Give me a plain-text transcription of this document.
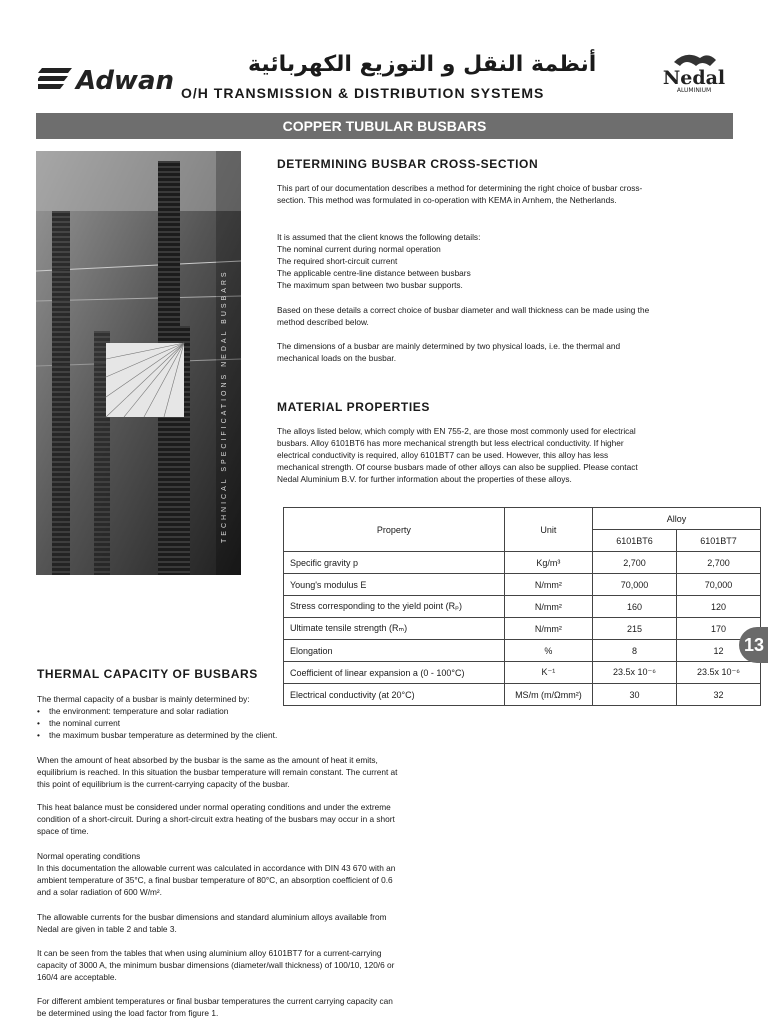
Adwan
أنظمة النقل و التوزيع الكهربائية
O/H TRANSMISSION & DISTRIBUTION SYSTEMS
Nedal
ALUMINIUM
COPPER TUBULAR BUSBARS
TECHNICAL SPECIFICATIONS NEDAL BUSBARS
DETERMINING BUSBAR CROSS-SECTION

This part of our documentation describes a method for determining the right choice of busbar cross-section. This method was formulated in co-operation with KEMA in Arnhem, the Netherlands.

It is assumed that the client knows the following details:
The nominal current during normal operation
The required short-circuit current
The applicable centre-line distance between busbars
The maximum span between two busbar supports.

Based on these details a correct choice of busbar diameter and wall thickness can be made using the method described below.

The dimensions of a busbar are mainly determined by two physical loads, i.e. the thermal and mechanical loads on the busbar.

MATERIAL PROPERTIES

The alloys listed below, which comply with EN 755-2, are those most commonly used for electrical busbars. Alloy 6101BT6 has more mechanical strength but less electrical conductivity. If higher electrical conductivity is required, alloy 6101BT7 can be used. However, this alloy has less mechanical strength. Of course busbars made of other alloys can also be supplied. Please contact Nedal Aluminium B.V. for further information about the properties of these alloys.

Property	Unit	Alloy	
		6101BT6	6101BT7
Specific gravity p	Kg/m³	2,700	2,700
Young's modulus E	N/mm²	70,000	70,000
Stress corresponding to the yield point (Rₚ)	N/mm²	160	120
Ultimate tensile strength (Rₘ)	N/mm²	215	170
Elongation	%	8	12
Coefficient of linear expansion a (0 - 100°C)	K⁻¹	23.5x 10⁻⁶	23.5x 10⁻⁶
Electrical conductivity (at 20°C)	MS/m (m/Ωmm²)	30	32
13
THERMAL CAPACITY OF BUSBARS
The thermal capacity of a busbar is mainly determined by:
• the environment: temperature and solar radiation
• the nominal current
• the maximum busbar temperature as determined by the client.

When the amount of heat absorbed by the busbar is the same as the amount of heat it emits, equilibrium is reached. In this situation the busbar temperature will remain constant. The current at this point of equilibrium is the current-carrying capacity of the busbar.

This heat balance must be considered under normal operating conditions and under the extreme condition of a short-circuit. During a short-circuit extra heating of the busbars may occur in a short space of time.

Normal operating conditions
In this documentation the allowable current was calculated in accordance with DIN 43 670 with an ambient temperature of 35°C, a final busbar temperature of 80°C, an absorption coefficient of 0.6 and a solar radiation of 600 W/m².

The allowable currents for the busbar dimensions and standard aluminium alloys available from Nedal are given in table 2 and table 3.

It can be seen from the tables that when using aluminium alloy 6101BT7 for a current-carrying capacity of 3000 A, the minimum busbar dimensions (diameter/wall thickness) of 100/10, 120/6 or 160/4 are acceptable.

For different ambient temperatures or final busbar temperatures the current carrying capacity can be determined using the load factor from figure 1.
